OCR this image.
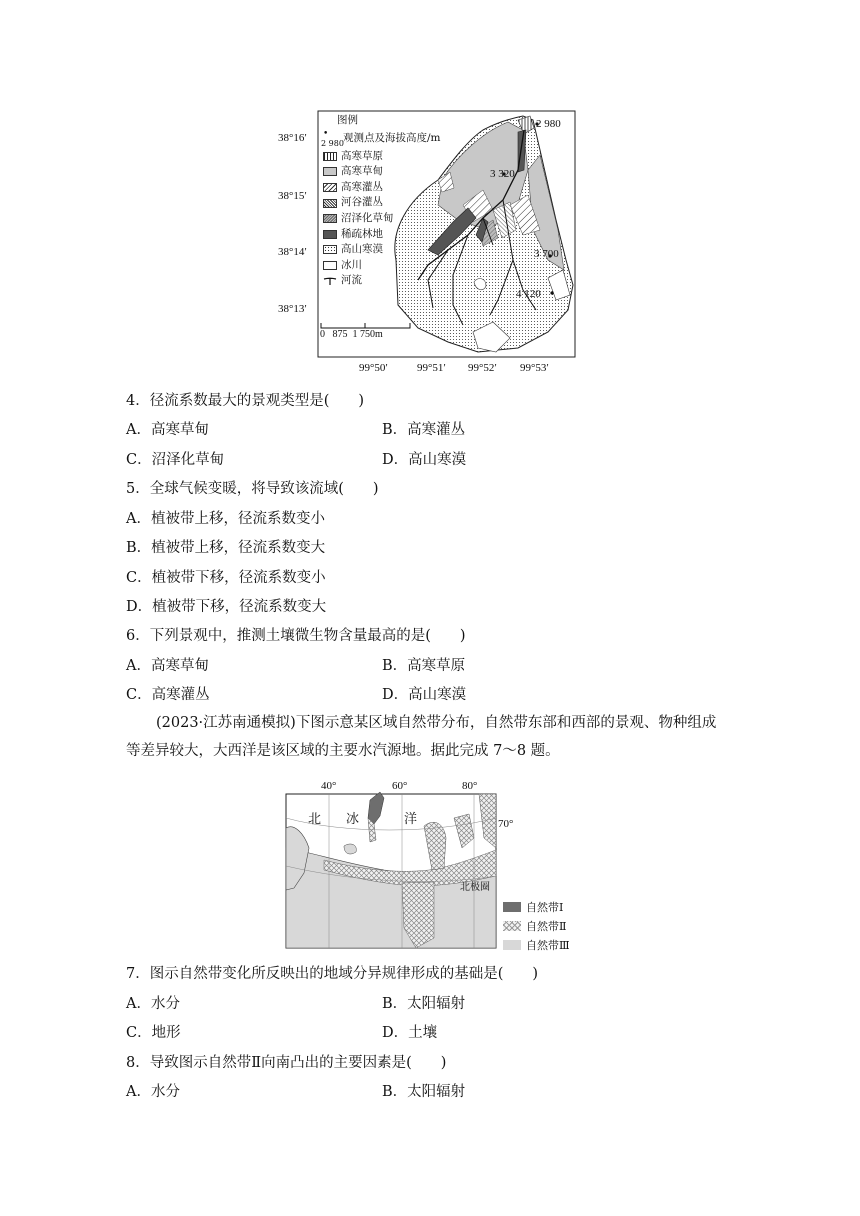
38°16′
38°15′
38°14′
38°13′
99°50′	99°51′ 99°52′ 99°53′
图例
•
2 980 观测点及海拔高度/m
高寒草原
高寒草甸
高寒灌丛
河谷灌丛
沼泽化草甸
稀疏林地
高山寒漠
冰川
河流
0   875  1 750m
2 980
3 320
3 700
4 120
4．径流系数最大的景观类型是(　　)
A．高寒草甸	B．高寒灌丛
C．沼泽化草甸	D．高山寒漠
5．全球气候变暖，将导致该流域(　　)
A．植被带上移，径流系数变小
B．植被带上移，径流系数变大
C．植被带下移，径流系数变小
D．植被带下移，径流系数变大
6．下列景观中，推测土壤微生物含量最高的是(　　)
A．高寒草甸	B．高寒草原
C．高寒灌丛	D．高山寒漠
(2023·江苏南通模拟)下图示意某区域自然带分布，自然带东部和西部的景观、物种组成
等差异较大，大西洋是该区域的主要水汽源地。据此完成 7～8 题。
40°	60°	80°
70°
北极圈
北 冰	洋
自然带Ⅰ
自然带Ⅱ
自然带Ⅲ
7．图示自然带变化所反映出的地域分异规律形成的基础是(　　)
A．水分	B．太阳辐射
C．地形	D．土壤
8．导致图示自然带Ⅱ向南凸出的主要因素是(　　)
A．水分	B．太阳辐射
